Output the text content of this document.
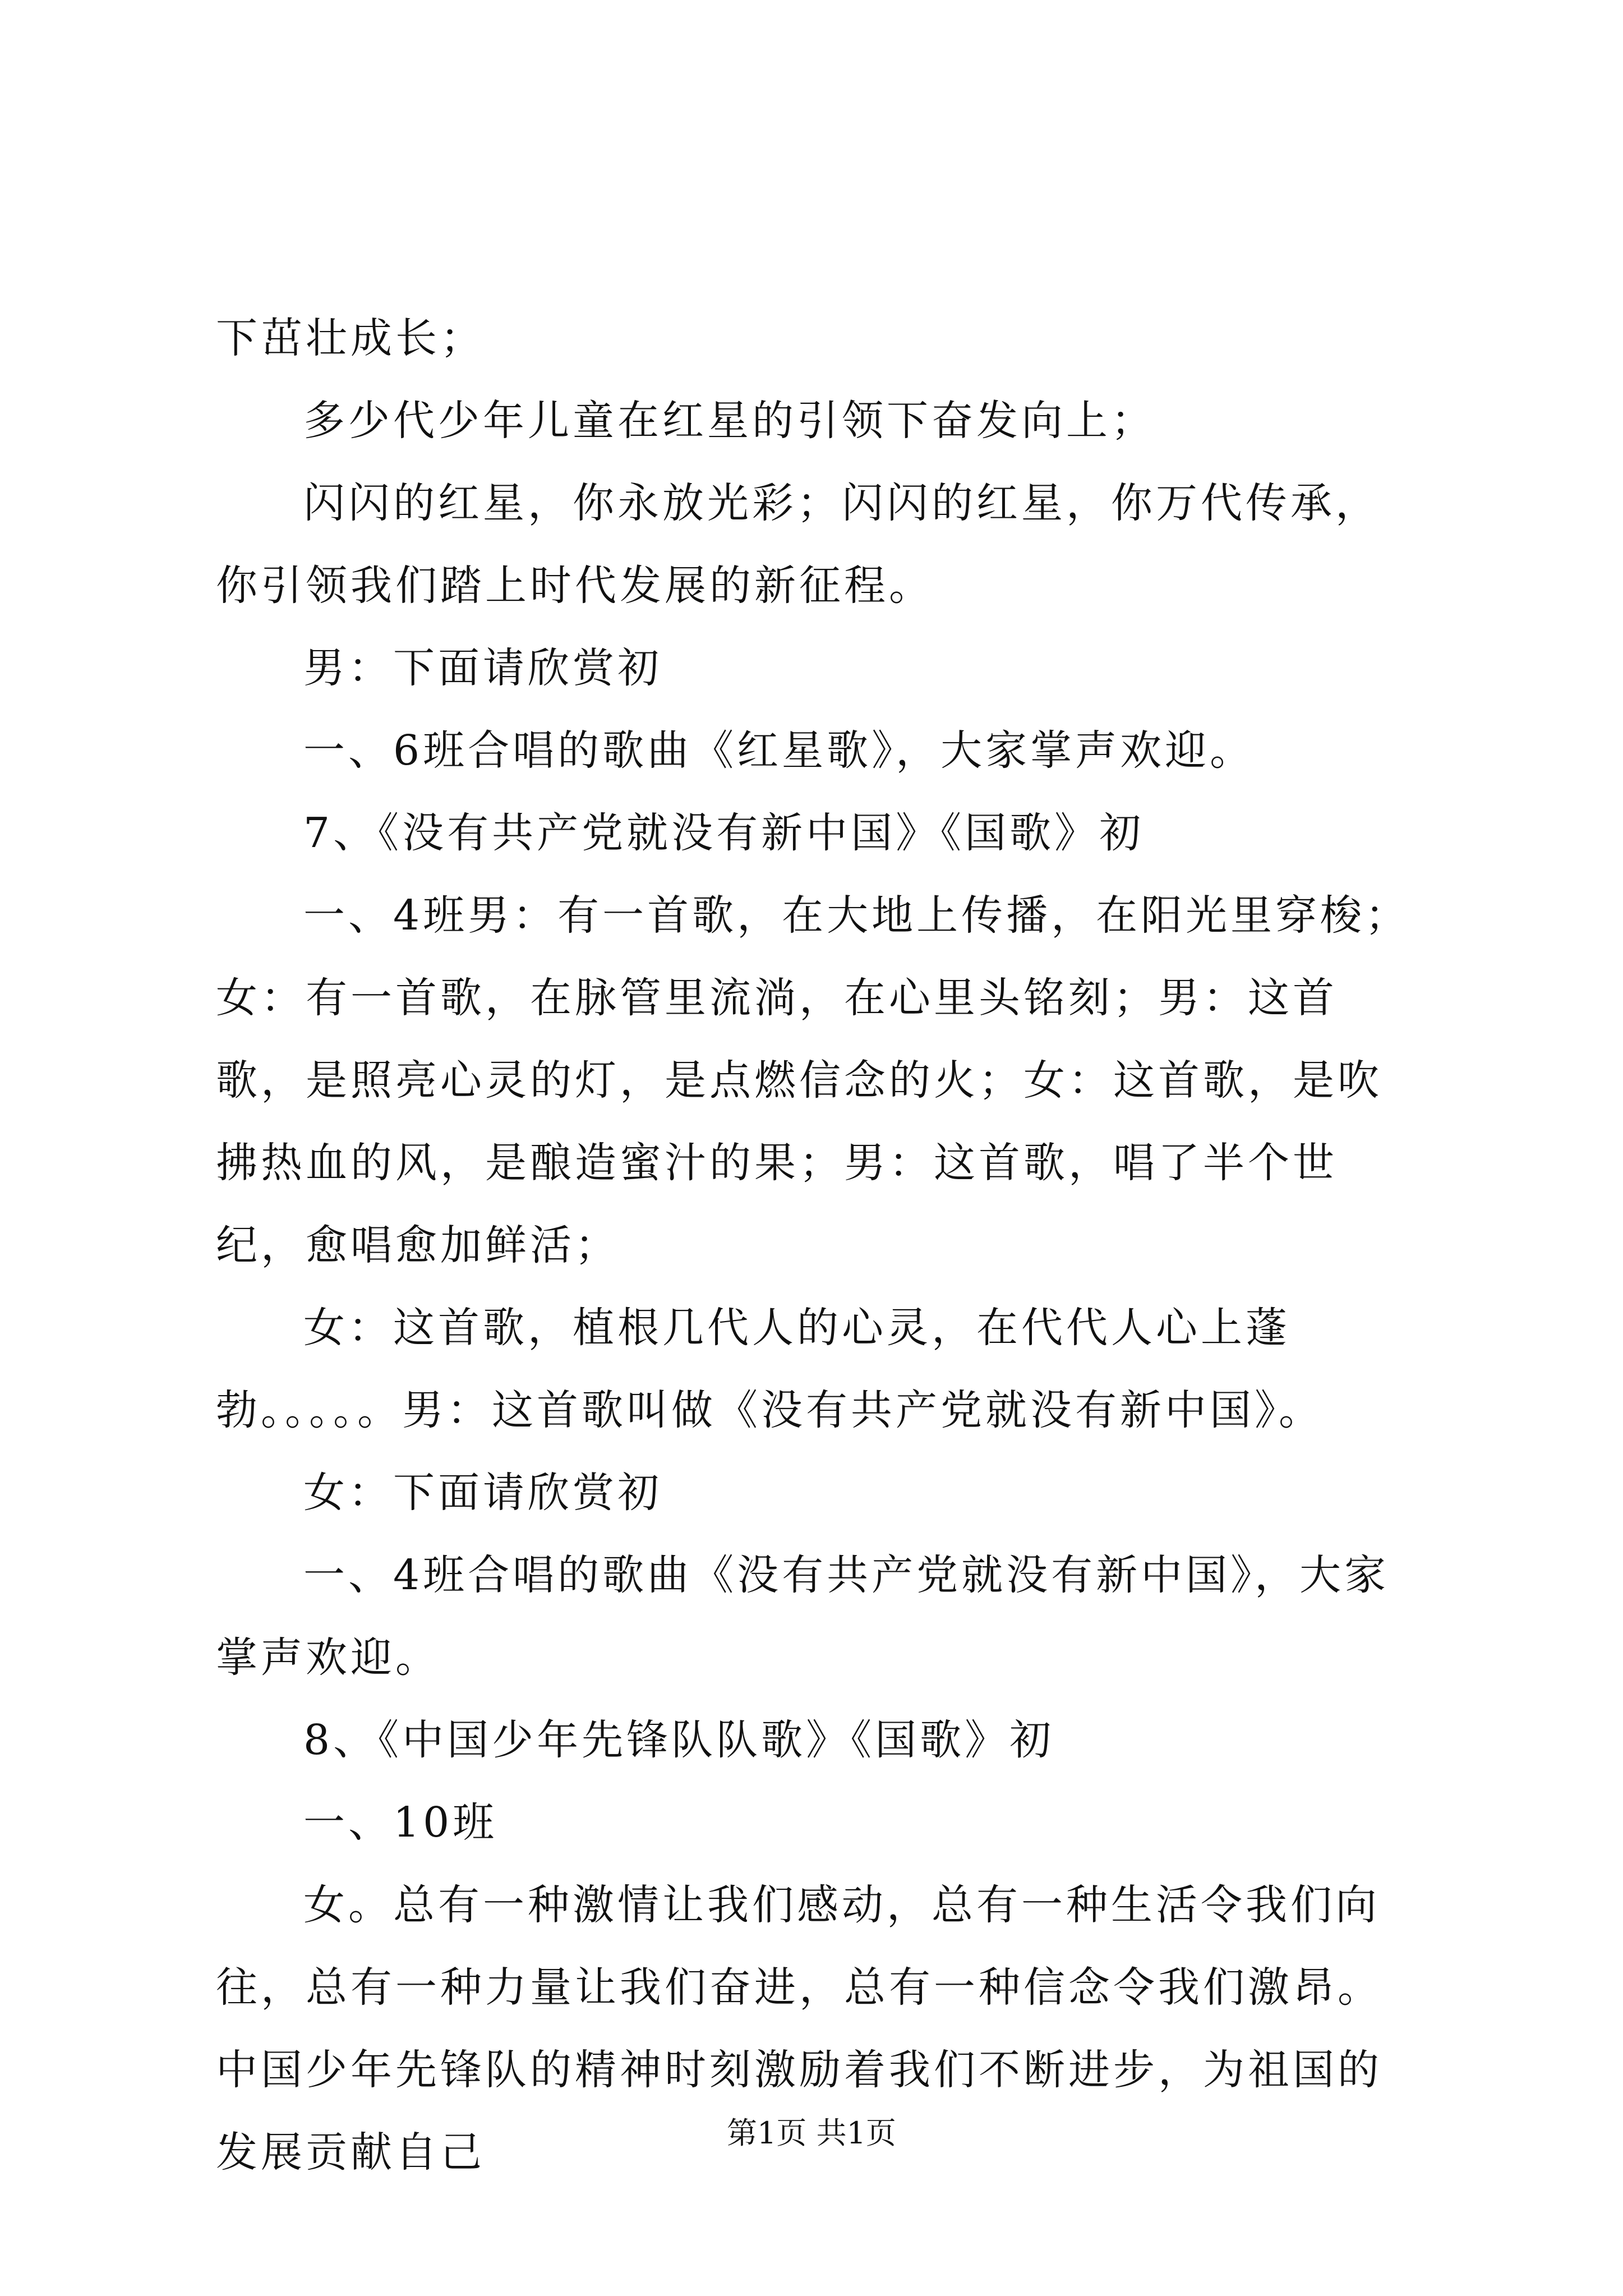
下茁壮成长；

多少代少年儿童在红星的引领下奋发向上；

闪闪的红星，你永放光彩；闪闪的红星，你万代传承，你引领我们踏上时代发展的新征程。

男：下面请欣赏初

一、6班合唱的歌曲《红星歌》，大家掌声欢迎。

7、《没有共产党就没有新中国》《国歌》初

一、4班男：有一首歌，在大地上传播，在阳光里穿梭；女：有一首歌，在脉管里流淌，在心里头铭刻；男：这首歌，是照亮心灵的灯，是点燃信念的火；女：这首歌，是吹拂热血的风，是酿造蜜汁的果；男：这首歌，唱了半个世纪，愈唱愈加鲜活；

女：这首歌，植根几代人的心灵，在代代人心上蓬勃。。。。。男：这首歌叫做《没有共产党就没有新中国》。

女：下面请欣赏初

一、4班合唱的歌曲《没有共产党就没有新中国》，大家掌声欢迎。

8、《中国少年先锋队队歌》《国歌》初

一、10班

女。总有一种激情让我们感动，总有一种生活令我们向往，总有一种力量让我们奋进，总有一种信念令我们激昂。中国少年先锋队的精神时刻激励着我们不断进步，为祖国的发展贡献自己	第1页 共1页
